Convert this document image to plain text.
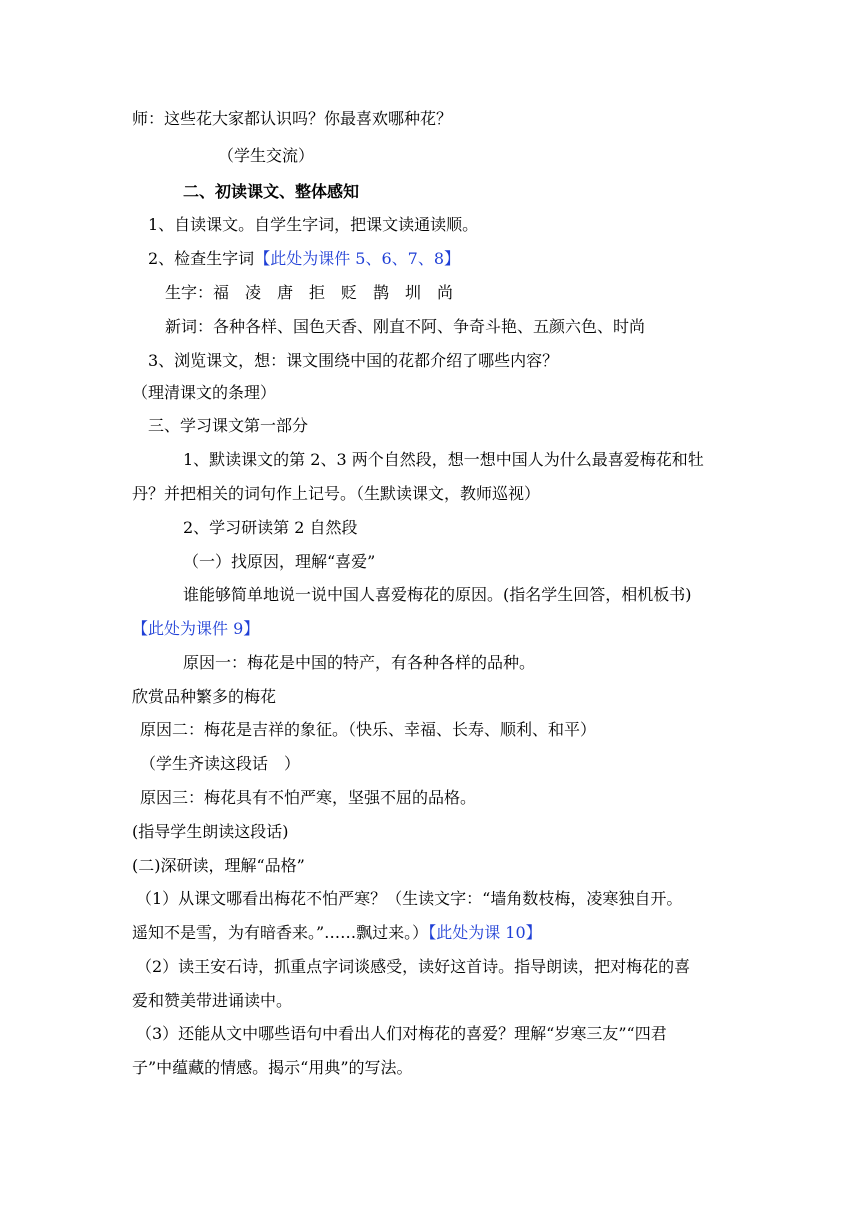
师：这些花大家都认识吗？你最喜欢哪种花？
（学生交流）
二、初读课文、整体感知
1、自读课文。自学生字词，把课文读通读顺。
2、检查生字词【此处为课件 5、6、7、8】
生字：福　凌　唐　拒　贬　鹊　圳　尚
新词：各种各样、国色天香、刚直不阿、争奇斗艳、五颜六色、时尚
3、浏览课文，想：课文围绕中国的花都介绍了哪些内容？
（理清课文的条理）
三、学习课文第一部分
1、默读课文的第 2、3 两个自然段，想一想中国人为什么最喜爱梅花和牡
丹？并把相关的词句作上记号。（生默读课文，教师巡视）
2、学习研读第 2 自然段
（一）找原因，理解“喜爱”
谁能够简单地说一说中国人喜爱梅花的原因。(指名学生回答，相机板书)
【此处为课件 9】
原因一：梅花是中国的特产，有各种各样的品种。
欣赏品种繁多的梅花
原因二：梅花是吉祥的象征。（快乐、幸福、长寿、顺利、和平）
（学生齐读这段话　）
原因三：梅花具有不怕严寒，坚强不屈的品格。
(指导学生朗读这段话)
(二)深研读，理解“品格”
（1）从课文哪看出梅花不怕严寒？（生读文字：“墙角数枝梅，凌寒独自开。
遥知不是雪，为有暗香来。”……飘过来。）【此处为课 10】
（2）读王安石诗，抓重点字词谈感受，读好这首诗。指导朗读，把对梅花的喜
爱和赞美带进诵读中。
（3）还能从文中哪些语句中看出人们对梅花的喜爱？理解“岁寒三友”“四君
子”中蕴藏的情感。揭示“用典”的写法。
